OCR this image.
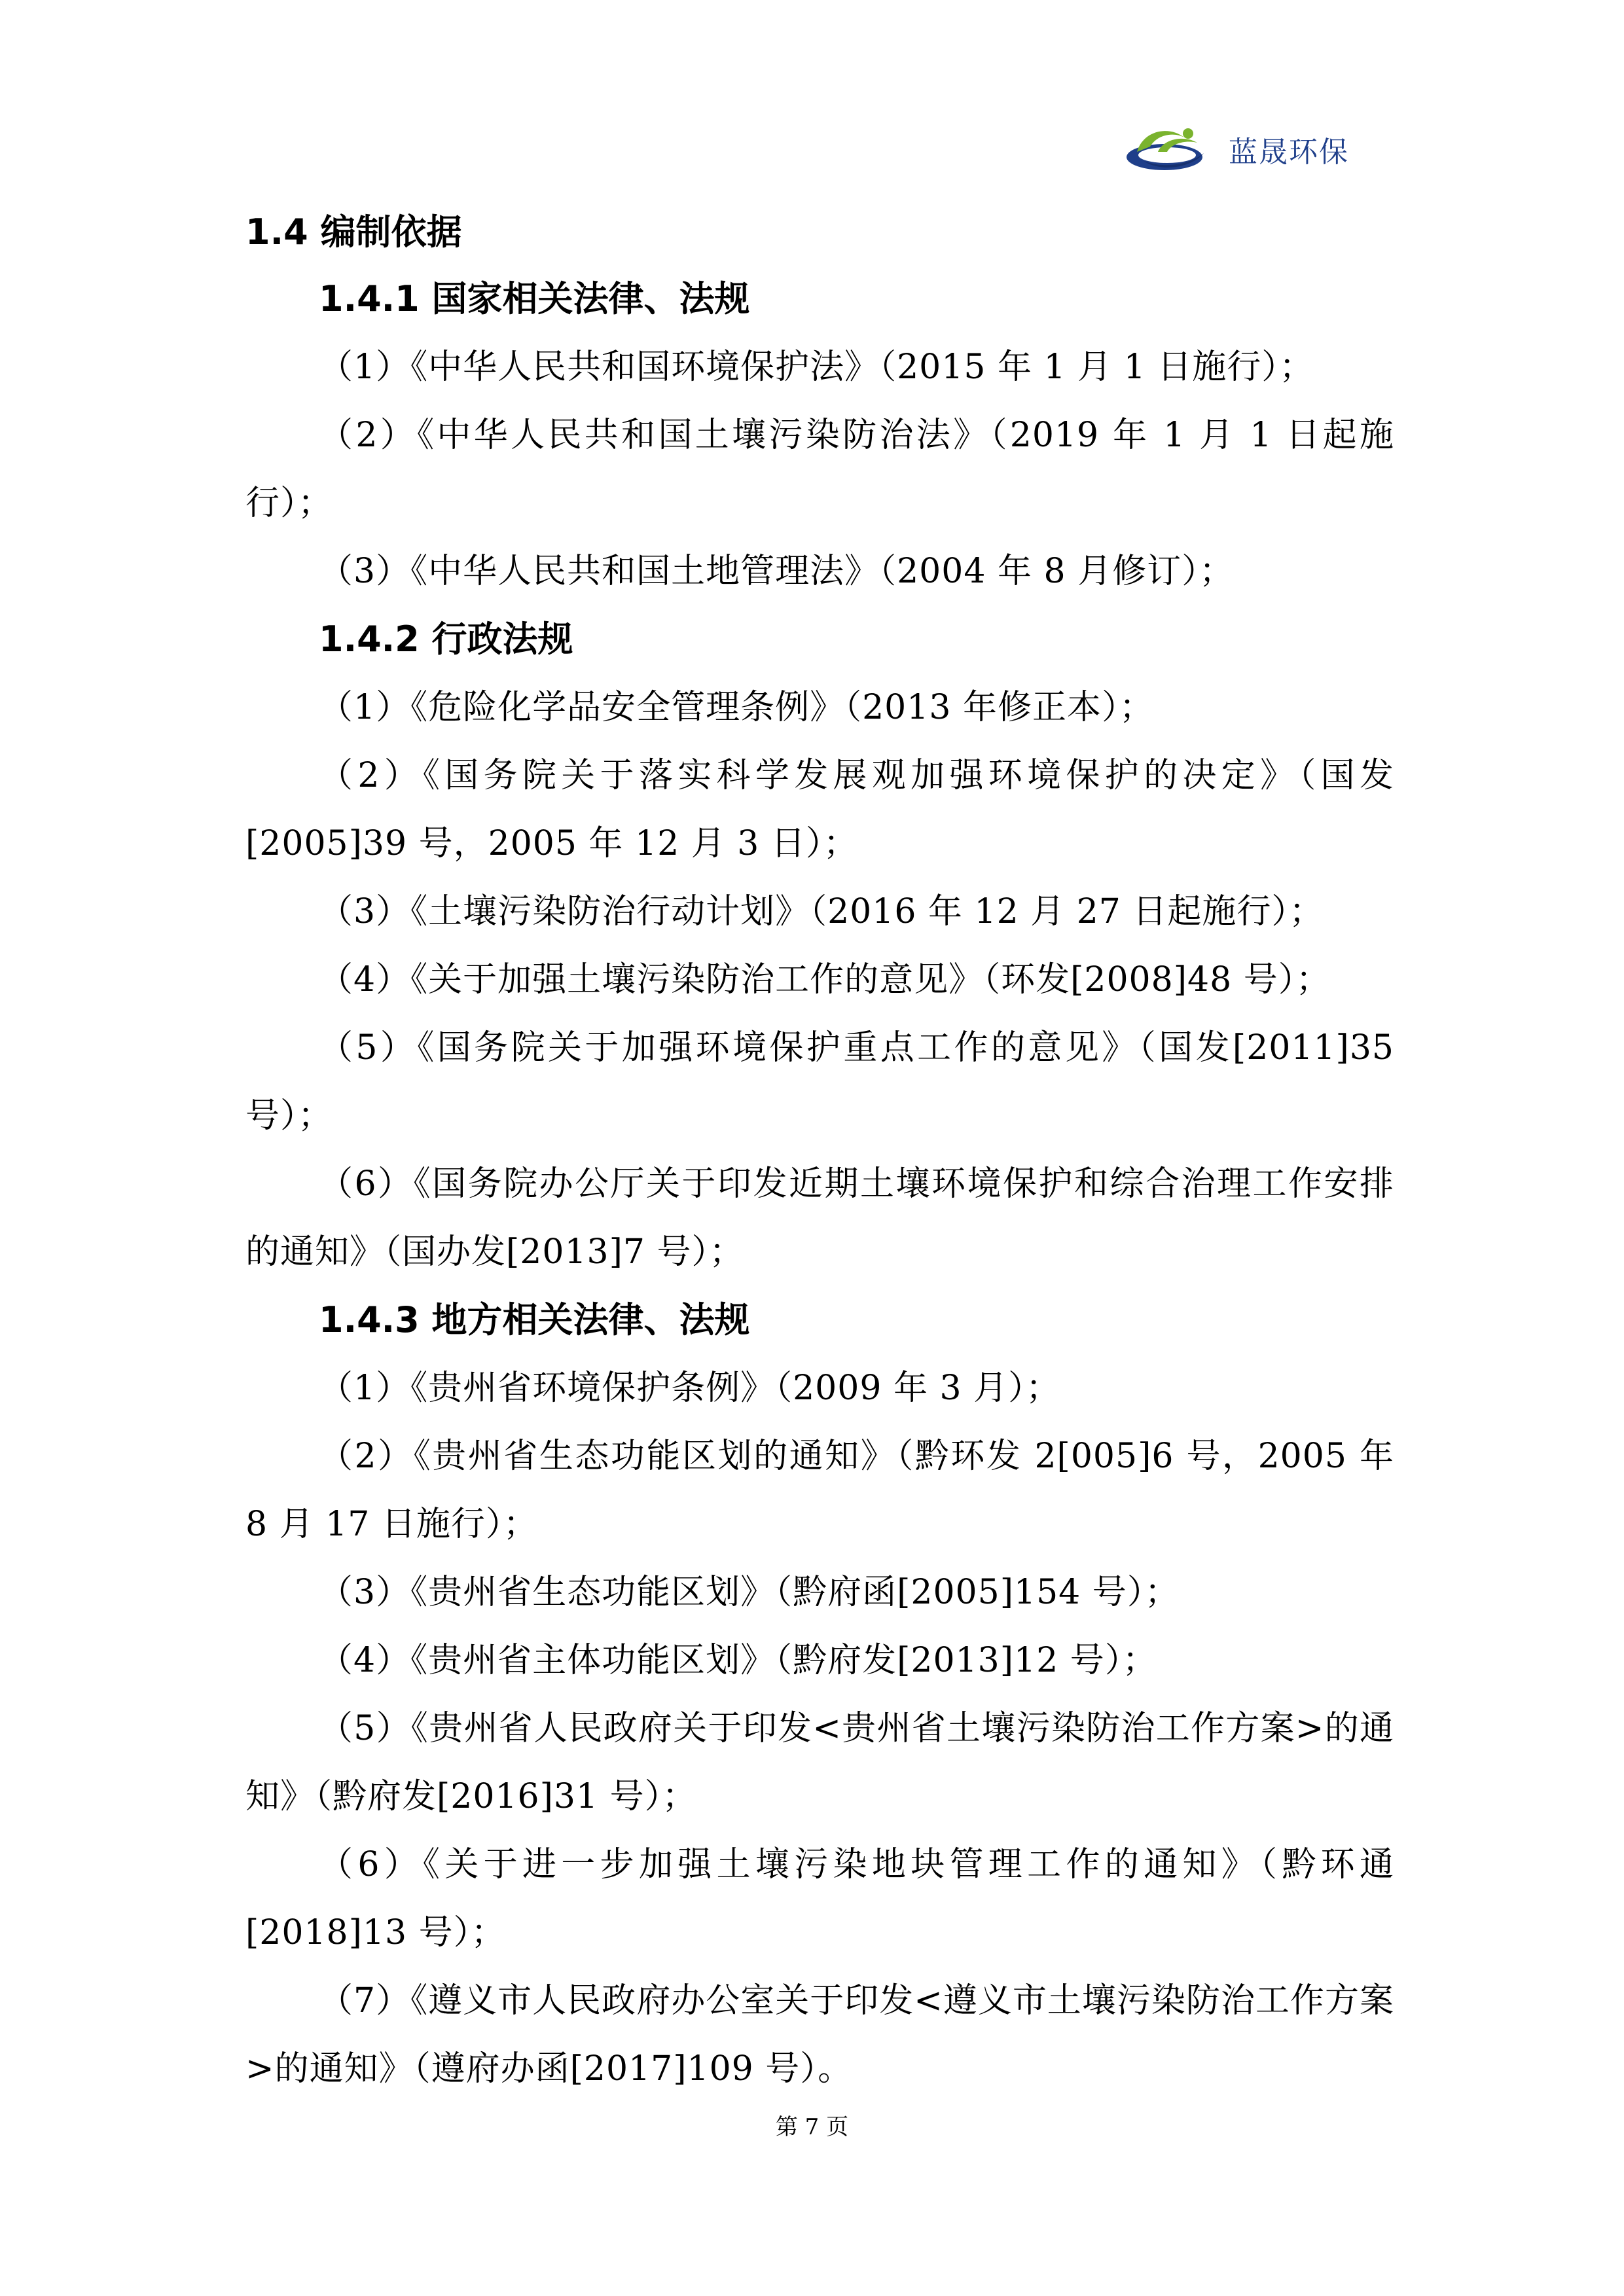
蓝晟环保

1.4 编制依据

1.4.1 国家相关法律、法规

（1）《中华人民共和国环境保护法》（2015 年 1 月 1 日施行）；

（2）《中华人民共和国土壤污染防治法》（2019 年 1 月 1 日起施行）；

（3）《中华人民共和国土地管理法》（2004 年 8 月修订）；

1.4.2 行政法规

（1）《危险化学品安全管理条例》（2013 年修正本）；

（2）《国务院关于落实科学发展观加强环境保护的决定》（国发[2005]39 号，2005 年 12 月 3 日）；

（3）《土壤污染防治行动计划》（2016 年 12 月 27 日起施行）；

（4）《关于加强土壤污染防治工作的意见》（环发[2008]48 号）；

（5）《国务院关于加强环境保护重点工作的意见》（国发[2011]35 号）；

（6）《国务院办公厅关于印发近期土壤环境保护和综合治理工作安排的通知》（国办发[2013]7 号）；

1.4.3 地方相关法律、法规

（1）《贵州省环境保护条例》（2009 年 3 月）；

（2）《贵州省生态功能区划的通知》（黔环发 2[005]6 号，2005 年 8 月 17 日施行）；

（3）《贵州省生态功能区划》（黔府函[2005]154 号）；

（4）《贵州省主体功能区划》（黔府发[2013]12 号）；

（5）《贵州省人民政府关于印发<贵州省土壤污染防治工作方案>的通知》（黔府发[2016]31 号）；

（6）《关于进一步加强土壤污染地块管理工作的通知》（黔环通[2018]13 号）；

（7）《遵义市人民政府办公室关于印发<遵义市土壤污染防治工作方案>的通知》（遵府办函[2017]109 号）。

第 7 页
